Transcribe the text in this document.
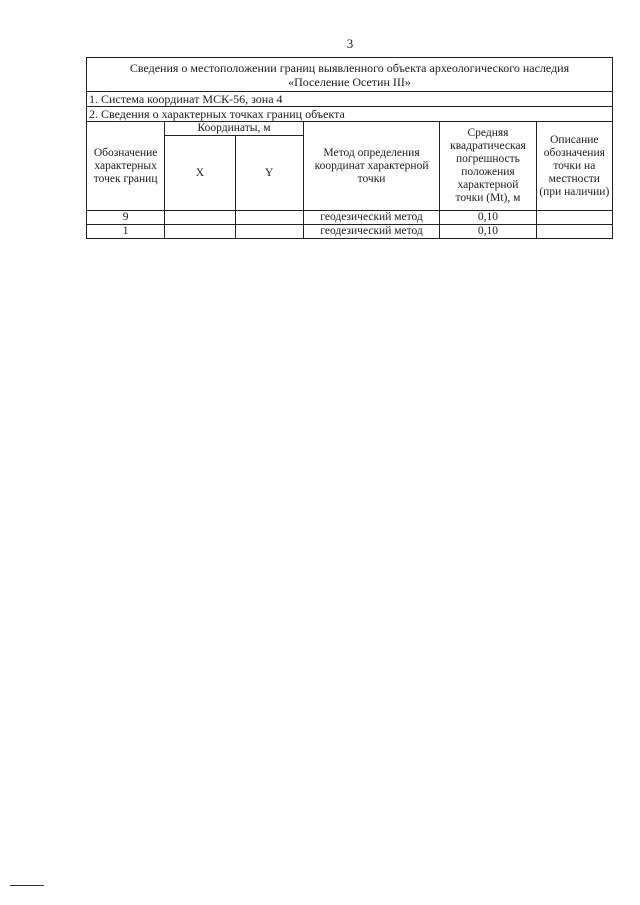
3
Сведения о местоположении границ выявленного объекта археологического наследия
«Поселение Осетин III»					

1. Система координат МСК-56, зона 4					
2. Сведения о характерных точках границ объекта					
Обозначение характерных точек границ	Координаты, м		Метод определения координат характерной точки	Средняя квадратическая погрешность положения характерной точки (Mt), м	Описание обозначения точки на местности (при наличии)
	X	Y			
9			геодезический метод	0,10	
1			геодезический метод	0,10	
